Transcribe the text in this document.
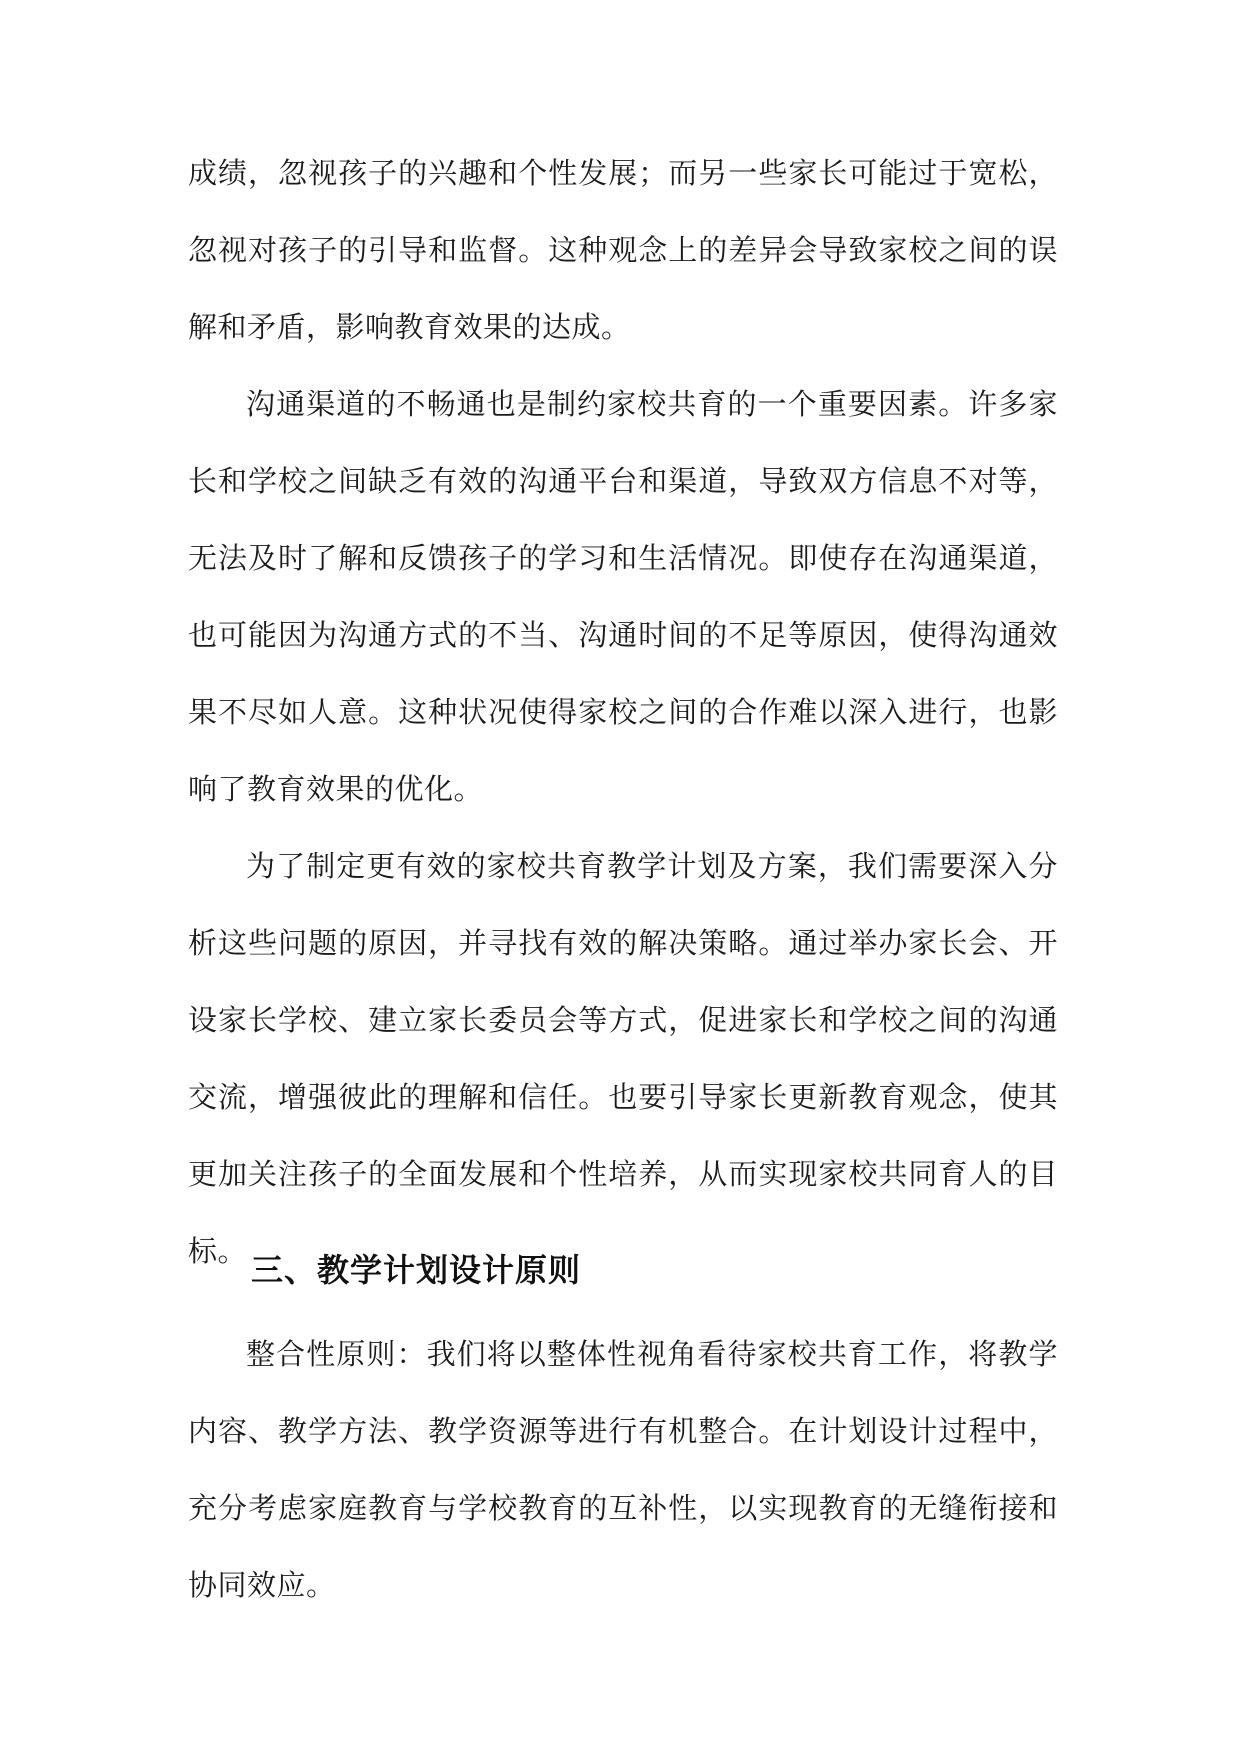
成绩，忽视孩子的兴趣和个性发展；而另一些家长可能过于宽松，忽视对孩子的引导和监督。这种观念上的差异会导致家校之间的误解和矛盾，影响教育效果的达成。

沟通渠道的不畅通也是制约家校共育的一个重要因素。许多家长和学校之间缺乏有效的沟通平台和渠道，导致双方信息不对等，无法及时了解和反馈孩子的学习和生活情况。即使存在沟通渠道，也可能因为沟通方式的不当、沟通时间的不足等原因，使得沟通效果不尽如人意。这种状况使得家校之间的合作难以深入进行，也影响了教育效果的优化。

为了制定更有效的家校共育教学计划及方案，我们需要深入分析这些问题的原因，并寻找有效的解决策略。通过举办家长会、开设家长学校、建立家长委员会等方式，促进家长和学校之间的沟通交流，增强彼此的理解和信任。也要引导家长更新教育观念，使其更加关注孩子的全面发展和个性培养，从而实现家校共同育人的目标。 三、教学计划设计原则

整合性原则：我们将以整体性视角看待家校共育工作，将教学内容、教学方法、教学资源等进行有机整合。在计划设计过程中，充分考虑家庭教育与学校教育的互补性，以实现教育的无缝衔接和协同效应。
